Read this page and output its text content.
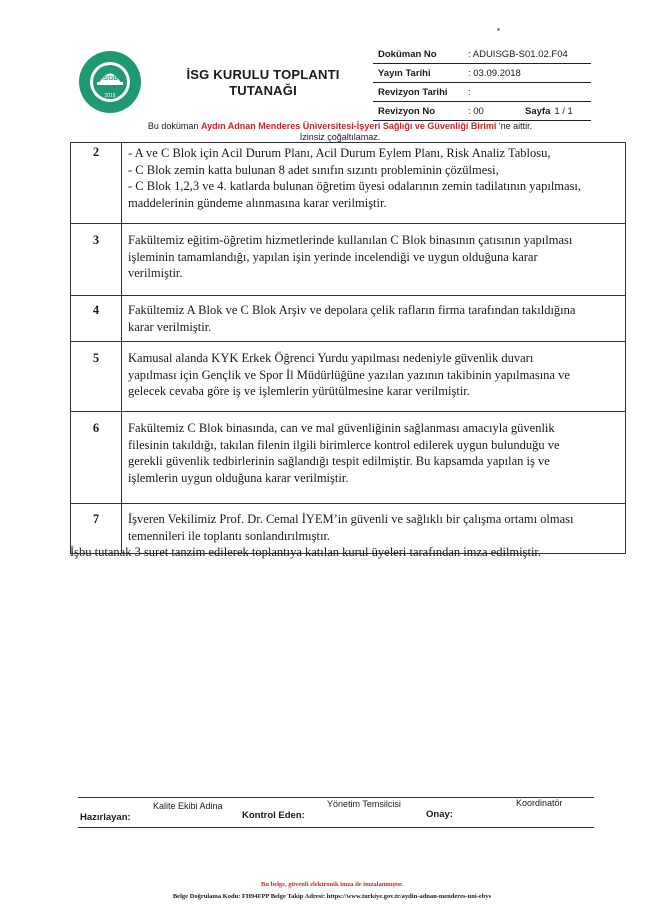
İSGB
2018
İSG KURULU TOPLANTI
TUTANAĞI
Doküman No	: ADUISGB-S01.02.F04
Yayın Tarihi	: 03.09.2018
Revizyon Tarihi :
Revizyon No	: 00	Sayfa 1 / 1
Bu doküman Aydın Adnan Menderes Üniversitesi-İşyeri Sağlığı ve Güvenliği Birimi 'ne aittir.
İzinsiz çoğaltılamaz.
2	- A ve C Blok için Acil Durum Planı, Acil Durum Eylem Planı, Risk Analiz Tablosu,
- C Blok zemin katta bulunan 8 adet sınıfın sızıntı probleminin çözülmesi,
- C Blok 1,2,3 ve 4. katlarda bulunan öğretim üyesi odalarının zemin tadilatının yapılması,
maddelerinin gündeme alınmasına karar verilmiştir.

3	Fakültemiz eğitim-öğretim hizmetlerinde kullanılan C Blok binasının çatısının yapılması
işleminin tamamlandığı, yapılan işin yerinde incelendiği ve uygun olduğuna karar
verilmiştir.

4	Fakültemiz A Blok ve C Blok Arşiv ve depolara çelik rafların firma tarafından takıldığına
karar verilmiştir.

5	Kamusal alanda KYK Erkek Öğrenci Yurdu yapılması nedeniyle güvenlik duvarı
yapılması için Gençlik ve Spor İl Müdürlüğüne yazılan yazının takibinin yapılmasına ve
gelecek cevaba göre iş ve işlemlerin yürütülmesine karar verilmiştir.

6	Fakültemiz C Blok binasında, can ve mal güvenliğinin sağlanması amacıyla güvenlik
filesinin takıldığı, takılan filenin ilgili birimlerce kontrol edilerek uygun bulunduğu ve
gerekli güvenlik tedbirlerinin sağlandığı tespit edilmiştir. Bu kapsamda yapılan iş ve
işlemlerin uygun olduğuna karar verilmiştir.

7	İşveren Vekilimiz Prof. Dr. Cemal İYEM’in güvenli ve sağlıklı bir çalışma ortamı olması
temennileri ile toplantı sonlandırılmıştır.
İşbu tutanak 3 suret tanzim edilerek toplantıya katılan kurul üyeleri tarafından imza edilmiştir.
Kalite Ekibi Adina	Yönetim Temsilcisi	Koordinatör
Hazırlayan:	Kontrol Eden:	Onay:
Bu belge, güvenli elektronik imza ile imzalanmıştır.
Belge Doğrulama Kodu: FH94FPP Belge Takip Adresi: https://www.turkiye.gov.tr/aydin-adnan-menderes-uni-ebys
